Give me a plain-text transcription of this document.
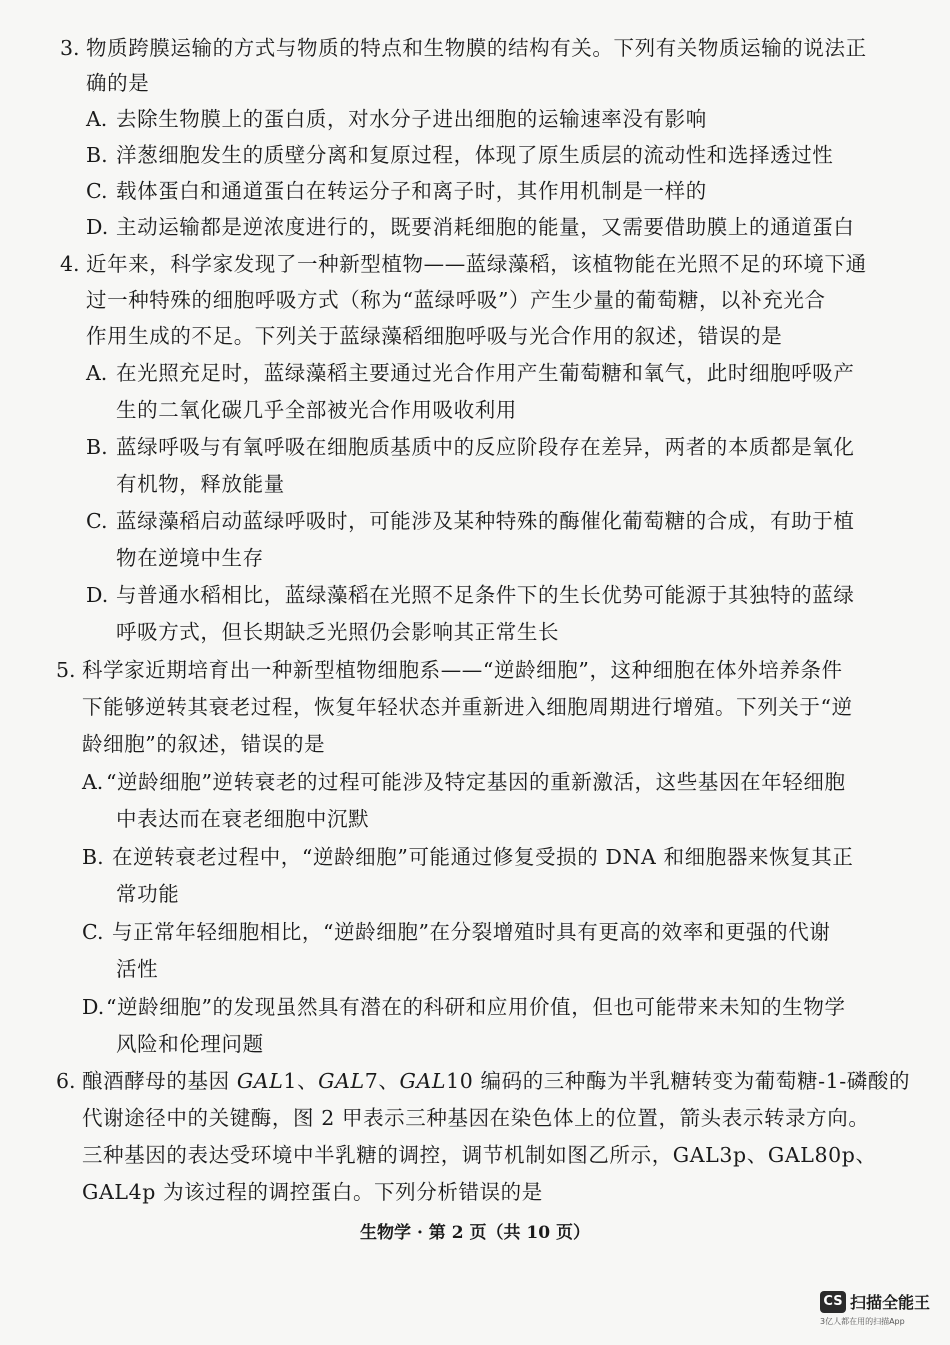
3. 物质跨膜运输的方式与物质的特点和生物膜的结构有关。下列有关物质运输的说法正
确的是
A. 去除生物膜上的蛋白质，对水分子进出细胞的运输速率没有影响
B. 洋葱细胞发生的质壁分离和复原过程，体现了原生质层的流动性和选择透过性
C. 载体蛋白和通道蛋白在转运分子和离子时，其作用机制是一样的
D. 主动运输都是逆浓度进行的，既要消耗细胞的能量，又需要借助膜上的通道蛋白
4. 近年来，科学家发现了一种新型植物——蓝绿藻稻，该植物能在光照不足的环境下通
过一种特殊的细胞呼吸方式（称为“蓝绿呼吸”）产生少量的葡萄糖，以补充光合
作用生成的不足。下列关于蓝绿藻稻细胞呼吸与光合作用的叙述，错误的是
A. 在光照充足时，蓝绿藻稻主要通过光合作用产生葡萄糖和氧气，此时细胞呼吸产
生的二氧化碳几乎全部被光合作用吸收利用
B. 蓝绿呼吸与有氧呼吸在细胞质基质中的反应阶段存在差异，两者的本质都是氧化
有机物，释放能量
C. 蓝绿藻稻启动蓝绿呼吸时，可能涉及某种特殊的酶催化葡萄糖的合成，有助于植
物在逆境中生存
D. 与普通水稻相比，蓝绿藻稻在光照不足条件下的生长优势可能源于其独特的蓝绿
呼吸方式，但长期缺乏光照仍会影响其正常生长
5. 科学家近期培育出一种新型植物细胞系——“逆龄细胞”，这种细胞在体外培养条件
下能够逆转其衰老过程，恢复年轻状态并重新进入细胞周期进行增殖。下列关于“逆
龄细胞”的叙述，错误的是
A. “逆龄细胞”逆转衰老的过程可能涉及特定基因的重新激活，这些基因在年轻细胞
中表达而在衰老细胞中沉默
B. 在逆转衰老过程中，“逆龄细胞”可能通过修复受损的 DNA 和细胞器来恢复其正
常功能
C. 与正常年轻细胞相比，“逆龄细胞”在分裂增殖时具有更高的效率和更强的代谢
活性
D. “逆龄细胞”的发现虽然具有潜在的科研和应用价值，但也可能带来未知的生物学
风险和伦理问题
6. 酿酒酵母的基因 GAL1、GAL7、GAL10 编码的三种酶为半乳糖转变为葡萄糖-1-磷酸的
代谢途径中的关键酶，图 2 甲表示三种基因在染色体上的位置，箭头表示转录方向。
三种基因的表达受环境中半乳糖的调控，调节机制如图乙所示，GAL3p、GAL80p、
GAL4p 为该过程的调控蛋白。下列分析错误的是
生物学 · 第 2 页（共 10 页）
CS 扫描全能王
3亿人都在用的扫描App
